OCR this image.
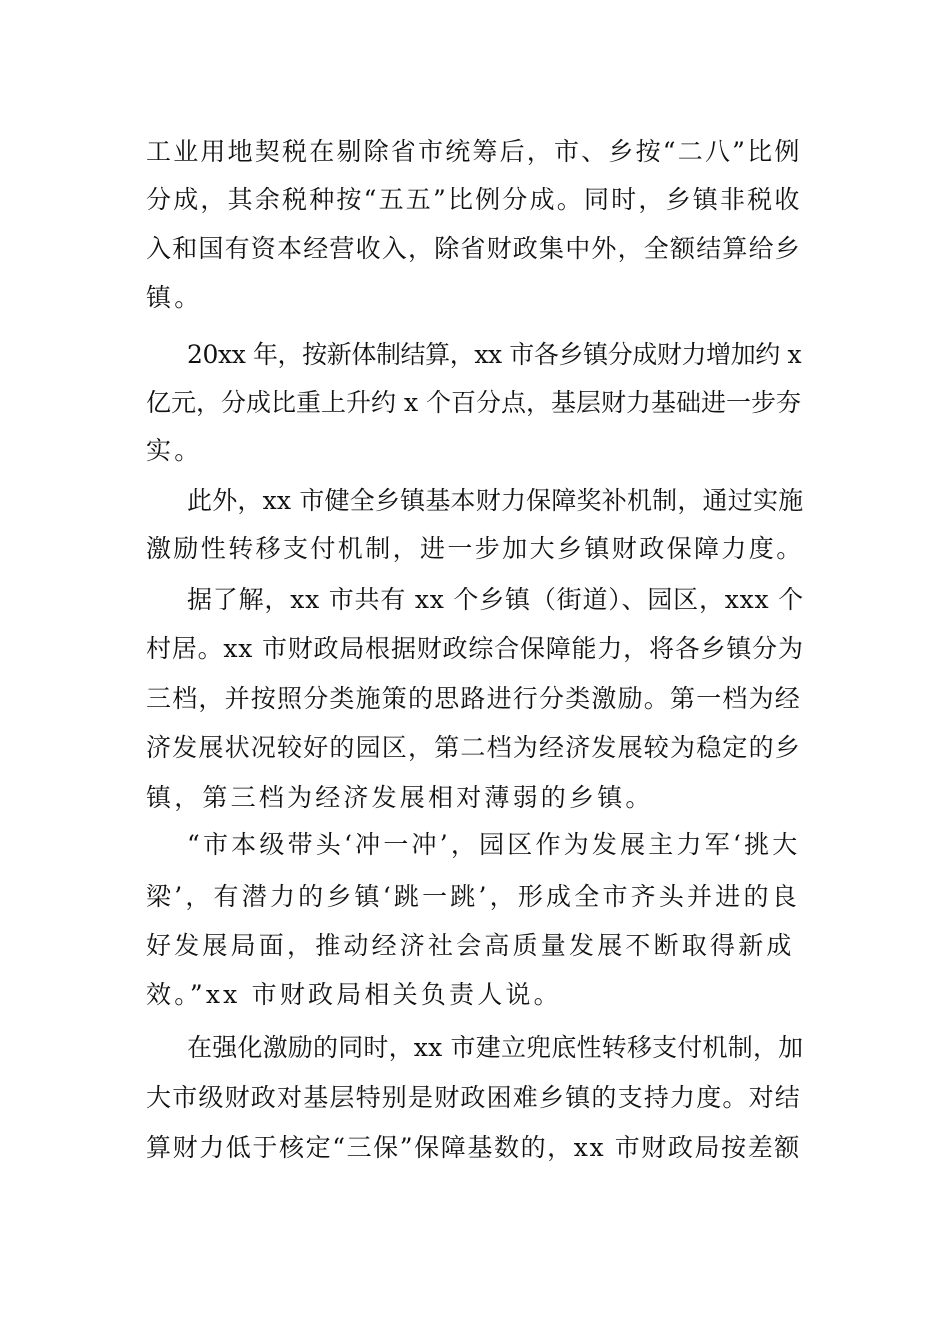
工业用地契税在剔除省市统筹后，市、乡按“二八”比例
分成，其余税种按“五五”比例分成。同时，乡镇非税收
入和国有资本经营收入，除省财政集中外，全额结算给乡
镇。
20xx 年，按新体制结算，xx 市各乡镇分成财力增加约 x
亿元，分成比重上升约 x 个百分点，基层财力基础进一步夯
实。
此外，xx 市健全乡镇基本财力保障奖补机制，通过实施
激励性转移支付机制，进一步加大乡镇财政保障力度。
据了解，xx 市共有 xx 个乡镇（街道）、园区，xxx 个
村居。xx 市财政局根据财政综合保障能力，将各乡镇分为
三档，并按照分类施策的思路进行分类激励。第一档为经
济发展状况较好的园区，第二档为经济发展较为稳定的乡
镇，第三档为经济发展相对薄弱的乡镇。
“市本级带头‘冲一冲’，园区作为发展主力军‘挑大
梁’，有潜力的乡镇‘跳一跳’，形成全市齐头并进的良
好发展局面，推动经济社会高质量发展不断取得新成
效。”xx 市财政局相关负责人说。
在强化激励的同时，xx 市建立兜底性转移支付机制，加
大市级财政对基层特别是财政困难乡镇的支持力度。对结
算财力低于核定“三保”保障基数的，xx 市财政局按差额
